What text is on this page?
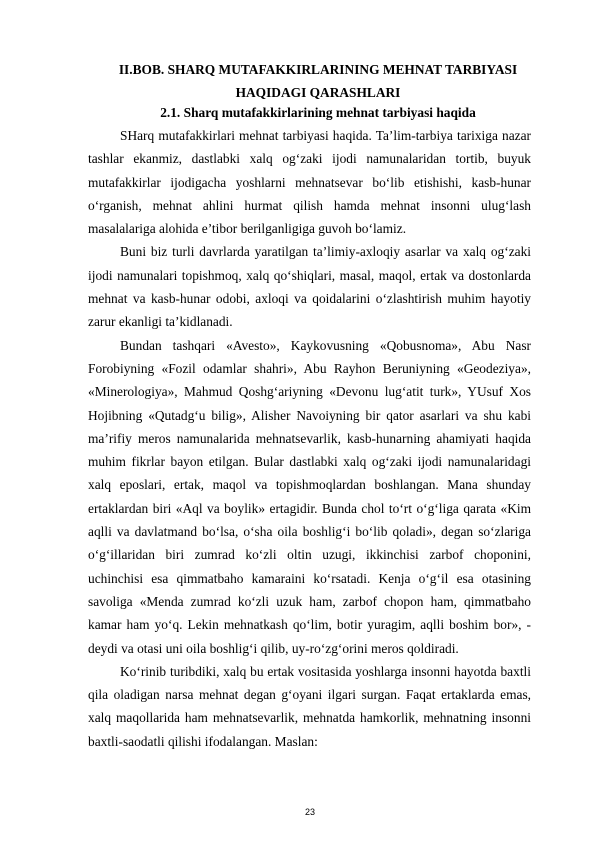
II.BOB. SHARQ MUTAFAKKIRLARINING MEHNAT TARBIYASI
HAQIDAGI QARASHLARI
2.1. Sharq mutafakkirlarining mehnat tarbiyasi haqida

SHarq mutafakkirlari mehnat tarbiyasi haqida. Ta’lim-tarbiya tarixiga nazar tashlar ekanmiz, dastlabki xalq og‘zaki ijodi namunalaridan tortib, buyuk mutafakkirlar ijodigacha yoshlarni mehnatsevar bo‘lib etishishi, kasb-hunar o‘rganish, mehnat ahlini hurmat qilish hamda mehnat insonni ulug‘lash masalalariga alohida e’tibor berilganligiga guvoh bo‘lamiz.

Buni biz turli davrlarda yaratilgan ta’limiy-axloqiy asarlar va xalq og‘zaki ijodi namunalari topishmoq, xalq qo‘shiqlari, masal, maqol, ertak va dostonlarda mehnat va kasb-hunar odobi, axloqi va qoidalarini o‘zlashtirish muhim hayotiy zarur ekanligi ta’kidlanadi.

Bundan tashqari «Avesto», Kaykovusning «Qobusnoma», Abu Nasr Forobiyning «Fozil odamlar shahri», Abu Rayhon Beruniyning «Geodeziya», «Minerologiya», Mahmud Qoshg‘ariyning «Devonu lug‘atit turk», YUsuf Xos Hojibning «Qutadg‘u bilig», Alisher Navoiyning bir qator asarlari va shu kabi ma’rifiy meros namunalarida mehnatsevarlik, kasb-hunarning ahamiyati haqida muhim fikrlar bayon etilgan. Bular dastlabki xalq og‘zaki ijodi namunalaridagi xalq eposlari, ertak, maqol va topishmoqlardan boshlangan. Mana shunday ertaklardan biri «Aql va boylik» ertagidir. Bunda chol to‘rt o‘g‘liga qarata «Kim aqlli va davlatmand bo‘lsa, o‘sha oila boshlig‘i bo‘lib qoladi», degan so‘zlariga o‘g‘illaridan biri zumrad ko‘zli oltin uzugi, ikkinchisi zarbof choponini, uchinchisi esa qimmatbaho kamaraini ko‘rsatadi. Kenja o‘g‘il esa otasining savoliga «Menda zumrad ko‘zli uzuk ham, zarbof chopon ham, qimmatbaho kamar ham yo‘q. Lekin mehnatkash qo‘lim, botir yuragim, aqlli boshim bor», - deydi va otasi uni oila boshlig‘i qilib, uy-ro‘zg‘orini meros qoldiradi.

Ko‘rinib turibdiki, xalq bu ertak vositasida yoshlarga insonni hayotda baxtli qila oladigan narsa mehnat degan g‘oyani ilgari surgan. Faqat ertaklarda emas, xalq maqollarida ham mehnatsevarlik, mehnatda hamkorlik, mehnatning insonni baxtli-saodatli qilishi ifodalangan. Maslan:

23
